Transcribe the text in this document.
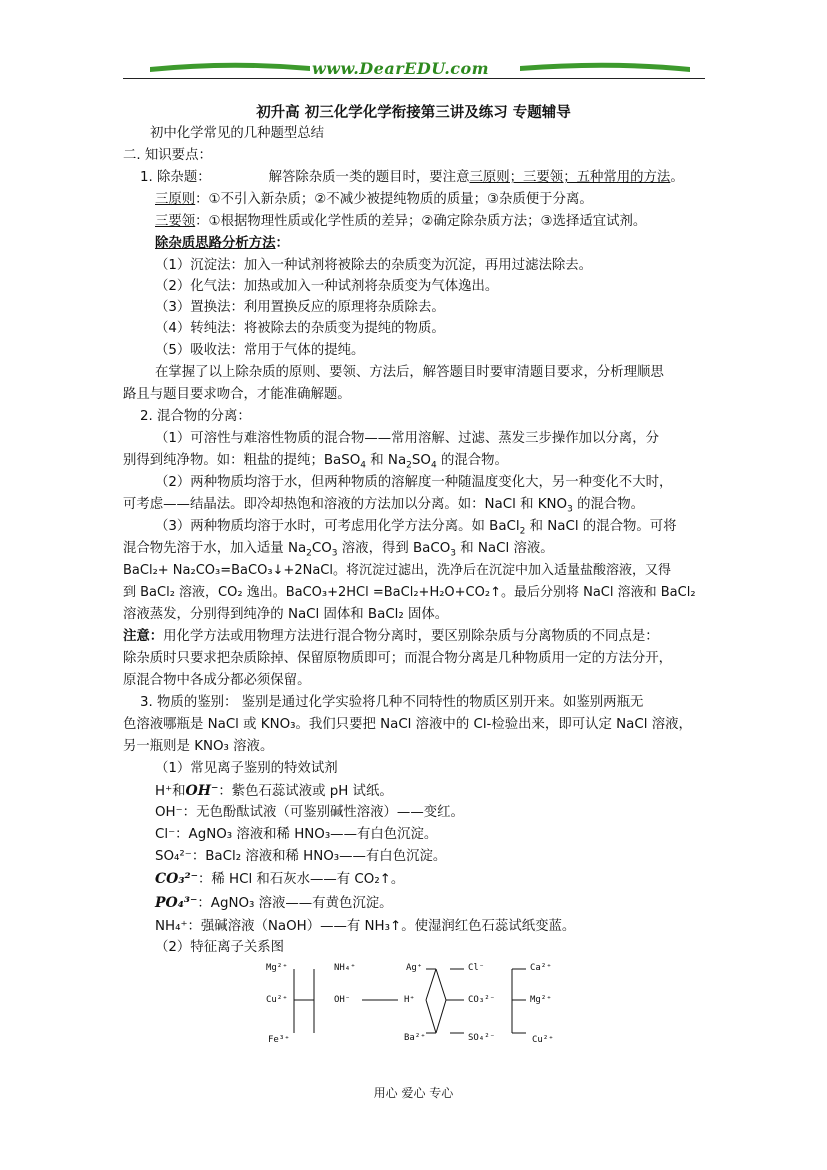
www.DearEDU.com
初升高 初三化学化学衔接第三讲及练习 专题辅导
初中化学常见的几种题型总结
二. 知识要点：
1. 除杂题：	解答除杂质一类的题目时，要注意三原则；三要领；五种常用的方法。
三原则：①不引入新杂质；②不减少被提纯物质的质量；③杂质便于分离。
三要领：①根据物理性质或化学性质的差异；②确定除杂质方法；③选择适宜试剂。
除杂质思路分析方法：
（1）沉淀法：加入一种试剂将被除去的杂质变为沉淀，再用过滤法除去。
（2）化气法：加热或加入一种试剂将杂质变为气体逸出。
（3）置换法：利用置换反应的原理将杂质除去。
（4）转纯法：将被除去的杂质变为提纯的物质。
（5）吸收法：常用于气体的提纯。
在掌握了以上除杂质的原则、要领、方法后，解答题目时要审清题目要求，分析理顺思
路且与题目要求吻合，才能准确解题。
2. 混合物的分离：
（1）可溶性与难溶性物质的混合物——常用溶解、过滤、蒸发三步操作加以分离，分
别得到纯净物。如：粗盐的提纯；BaSO$_4$ 和 $Na_2SO_4$ 的混合物。
（2）两种物质均溶于水，但两种物质的溶解度一种随温度变化大，另一种变化不大时，
可考虑——结晶法。即冷却热饱和溶液的方法加以分离。如：NaCl 和 $KNO_3$ 的混合物。
（3）两种物质均溶于水时，可考虑用化学方法分离。如 BaCl$_2$ 和 NaCl 的混合物。可将
混合物先溶于水，加入适量 $Na_2CO_3$ 溶液，得到 BaCO$_3$ 和 NaCl 溶液。
BaCl₂+ Na₂CO₃=BaCO₃↓+2NaCl。将沉淀过滤出，洗净后在沉淀中加入适量盐酸溶液，又得
到 BaCl₂ 溶液，CO₂ 逸出。BaCO₃+2HCl =BaCl₂+H₂O+CO₂↑。最后分别将 NaCl 溶液和 BaCl₂
溶液蒸发，分别得到纯净的 NaCl 固体和 BaCl₂ 固体。
注意：用化学方法或用物理方法进行混合物分离时，要区别除杂质与分离物质的不同点是：
除杂质时只要求把杂质除掉、保留原物质即可；而混合物分离是几种物质用一定的方法分开，
原混合物中各成分都必须保留。
3. 物质的鉴别： 鉴别是通过化学实验将几种不同特性的物质区别开来。如鉴别两瓶无
色溶液哪瓶是 NaCl 或 KNO₃。我们只要把 NaCl 溶液中的 Cl-检验出来，即可认定 NaCl 溶液，
另一瓶则是 KNO₃ 溶液。
（1）常见离子鉴别的特效试剂
H⁺和OH⁻：紫色石蕊试液或 pH 试纸。
OH⁻：无色酚酞试液（可鉴别碱性溶液）——变红。
Cl⁻：AgNO₃ 溶液和稀 HNO₃——有白色沉淀。
SO₄²⁻：BaCl₂ 溶液和稀 HNO₃——有白色沉淀。
CO₃²⁻：稀 HCl 和石灰水——有 CO₂↑。
PO₄³⁻：AgNO₃ 溶液——有黄色沉淀。
NH₄⁺：强碱溶液（NaOH）——有 NH₃↑。使湿润红色石蕊试纸变蓝。
（2）特征离子关系图
Mg²⁺
Cu²⁺
Fe³⁺
NH₄⁺
OH⁻
Ag⁺
H⁺
Ba²⁺
Cl⁻
CO₃²⁻
SO₄²⁻
Ca²⁺
Mg²⁺
Cu²⁺
用心 爱心 专心
